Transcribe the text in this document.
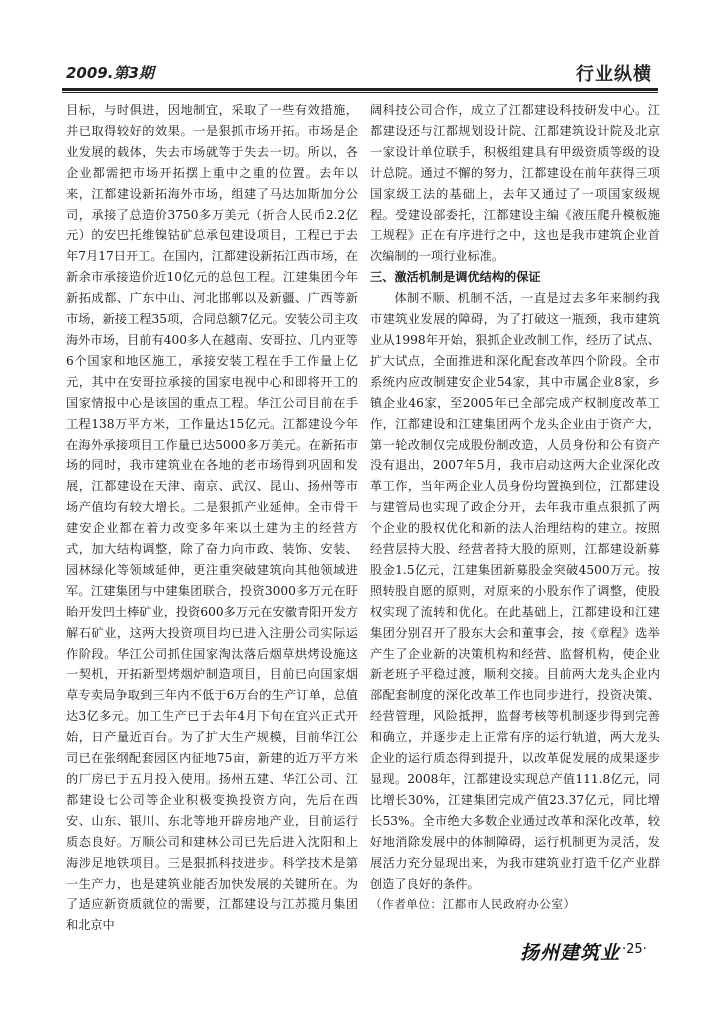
2009.第3期	行业纵横

目标，与时俱进，因地制宜，采取了一些有效措施，并已取得较好的效果。一是狠抓市场开拓。市场是企业发展的载体，失去市场就等于失去一切。所以，各企业都需把市场开拓摆上重中之重的位置。去年以来，江都建设新拓海外市场，组建了马达加斯加分公司，承接了总造价3750多万美元（折合人民币2.2亿元）的安巴托维镍钴矿总承包建设项目，工程已于去年7月17日开工。在国内，江都建设新拓江西市场，在新余市承接造价近10亿元的总包工程。江建集团今年新拓成都、广东中山、河北邯郸以及新疆、广西等新市场，新接工程35项，合同总额7亿元。安装公司主攻海外市场，目前有400多人在越南、安哥拉、几内亚等6个国家和地区施工，承接安装工程在手工作量上亿元，其中在安哥拉承接的国家电视中心和即将开工的国家情报中心是该国的重点工程。华江公司目前在手工程138万平方米，工作量达15亿元。江都建设今年在海外承接项目工作量已达5000多万美元。在新拓市场的同时，我市建筑业在各地的老市场得到巩固和发展，江都建设在天津、南京、武汉、昆山、扬州等市场产值均有较大增长。二是狠抓产业延伸。全市骨干建安企业都在着力改变多年来以土建为主的经营方式，加大结构调整，除了奋力向市政、装饰、安装、园林绿化等领域延伸，更注重突破建筑向其他领域进军。江建集团与中建集团联合，投资3000多万元在盱眙开发凹土棒矿业，投资600多万元在安徽青阳开发方解石矿业，这两大投资项目均已进入注册公司实际运作阶段。华江公司抓住国家淘汰落后烟草烘烤设施这一契机，开拓新型烤烟炉制造项目，目前已向国家烟草专卖局争取到三年内不低于6万台的生产订单，总值达3亿多元。加工生产已于去年4月下旬在宜兴正式开始，日产量近百台。为了扩大生产规模，目前华江公司已在张纲配套园区内征地75亩，新建的近万平方米的厂房已于五月投入使用。扬州五建、华江公司、江都建设七公司等企业积极变换投资方向，先后在西安、山东、银川、东北等地开辟房地产业，目前运行质态良好。万顺公司和建林公司已先后进入沈阳和上海涉足地铁项目。三是狠抓科技进步。科学技术是第一生产力，也是建筑业能否加快发展的关键所在。为了适应新资质就位的需要，江都建设与江苏揽月集团和北京中

阔科技公司合作，成立了江都建设科技研发中心。江都建设还与江都规划设计院、江都建筑设计院及北京一家设计单位联手，积极组建具有甲级资质等级的设计总院。通过不懈的努力，江都建设在前年获得三项国家级工法的基础上，去年又通过了一项国家级规程。受建设部委托，江都建设主编《液压爬升模板施工规程》正在有序进行之中，这也是我市建筑企业首次编制的一项行业标准。

三、激活机制是调优结构的保证

体制不顺、机制不活，一直是过去多年来制约我市建筑业发展的障碍，为了打破这一瓶颈，我市建筑业从1998年开始，狠抓企业改制工作，经历了试点、扩大试点，全面推进和深化配套改革四个阶段。全市系统内应改制建安企业54家，其中市属企业8家，乡镇企业46家，至2005年已全部完成产权制度改革工作，江都建设和江建集团两个龙头企业由于资产大，第一轮改制仅完成股份制改造，人员身份和公有资产没有退出，2007年5月，我市启动这两大企业深化改革工作，当年两企业人员身份均置换到位，江都建设与建管局也实现了政企分开，去年我市重点狠抓了两个企业的股权优化和新的法人治理结构的建立。按照经营层持大股、经营者持大股的原则，江都建设新募股金1.5亿元，江建集团新募股金突破4500万元。按照转股自愿的原则，对原来的小股东作了调整，使股权实现了流转和优化。在此基础上，江都建设和江建集团分别召开了股东大会和董事会，按《章程》选举产生了企业新的决策机构和经营、监督机构，使企业新老班子平稳过渡，顺利交接。目前两大龙头企业内部配套制度的深化改革工作也同步进行，投资决策、经营管理，风险抵押，监督考核等机制逐步得到完善和确立，并逐步走上正常有序的运行轨道，两大龙头企业的运行质态得到提升，以改革促发展的成果逐步显现。2008年，江都建设实现总产值111.8亿元，同比增长30%，江建集团完成产值23.37亿元，同比增长53%。全市绝大多数企业通过改革和深化改革，较好地消除发展中的体制障碍，运行机制更为灵活，发展活力充分显现出来，为我市建筑业打造千亿产业群创造了良好的条件。

（作者单位：江都市人民政府办公室）

扬州建筑业 ·25·
